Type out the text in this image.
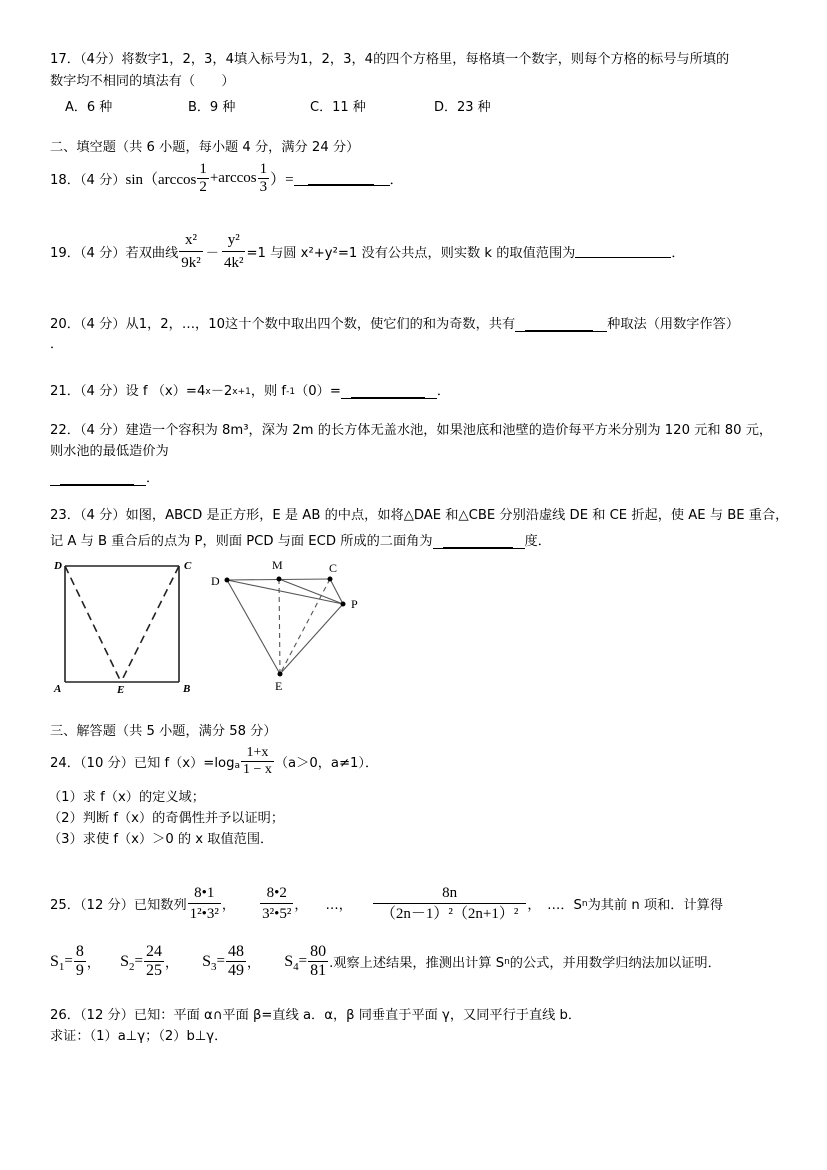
17．（4分）将数字1，2，3，4填入标号为1，2，3，4的四个方格里，每格填一个数字，则每个方格的标号与所填的
数字均不相同的填法有（　　）
A．6 种	B．9 种	C．11 种	D．23 种
二、填空题（共 6 小题，每小题 4 分，满分 24 分）
18．（4 分） $\sin(\arccos \frac{1}{2} +\arccos \frac{1}{3}$ ）=	．
19．（4 分）若双曲线 $\frac{\text{x²}}{\text{9k²}} - \frac{\text{y²}}{\text{4k²}} =1$ 与圆 x²+y²=1 没有公共点，则实数 k 的取值范围为	．
20．（4 分）从1，2，…，10这十个数中取出四个数，使它们的和为奇数，共有	种取法（用数字作答）
．
21．（4 分）设 f $(x)=4^x -2^{x+1}$ ，则 $f^{-1}$ （0）=	．
22．（4 分）建造一个容积为 8m³，深为 2m 的长方体无盖水池，如果池底和池壁的造价每平方米分别为 120 元和 80 元，
则水池的最低造价为
．
23．（4 分）如图，ABCD 是正方形，E 是 AB 的中点，如将△DAE 和△CBE 分别沿虚线 DE 和 CE 折起，使 AE 与 BE 重合，
记 A 与 B 重合后的点为 P，则面 PCD 与面 ECD 所成的二面角为	度．
D	C
A	E	B
D
M	C
P
E
三、解答题（共 5 小题，满分 58 分）
24．（10 分）已知 f（x）=log a $\frac{1+x}{1 - x} (a>0$，a≠1）．
（1）求 f（x）的定义域；
（2）判断 f（x）的奇偶性并予以证明；
（3）求使 f（x）＞0 的 x 取值范围．
25．（12 分）已知数列 $\frac{8•1}{\text{1²•3²}}$ ， $\frac{8•2}{\text{3²•5²}}$ ， …， $\frac{8n}{\text{（2n－1）²（2n+1）²}}$ ，　…．S n 为其前 n 项和．计算得
$S_1 = \frac{8}{9}$ ， $S_2 = \frac{24}{25}$ ， $S_3 = \frac{48}{49}$ ， $S_4 = \frac{80}{81}$ .观察上述结果，推测出计算 S n 的公式，并用数学归纳法加以证明．
26．（12 分）已知：平面 α∩平面 β=直线 a．α，β 同垂直于平面 γ，又同平行于直线 b．
求证：（1）a⊥γ；（2）b⊥γ．
